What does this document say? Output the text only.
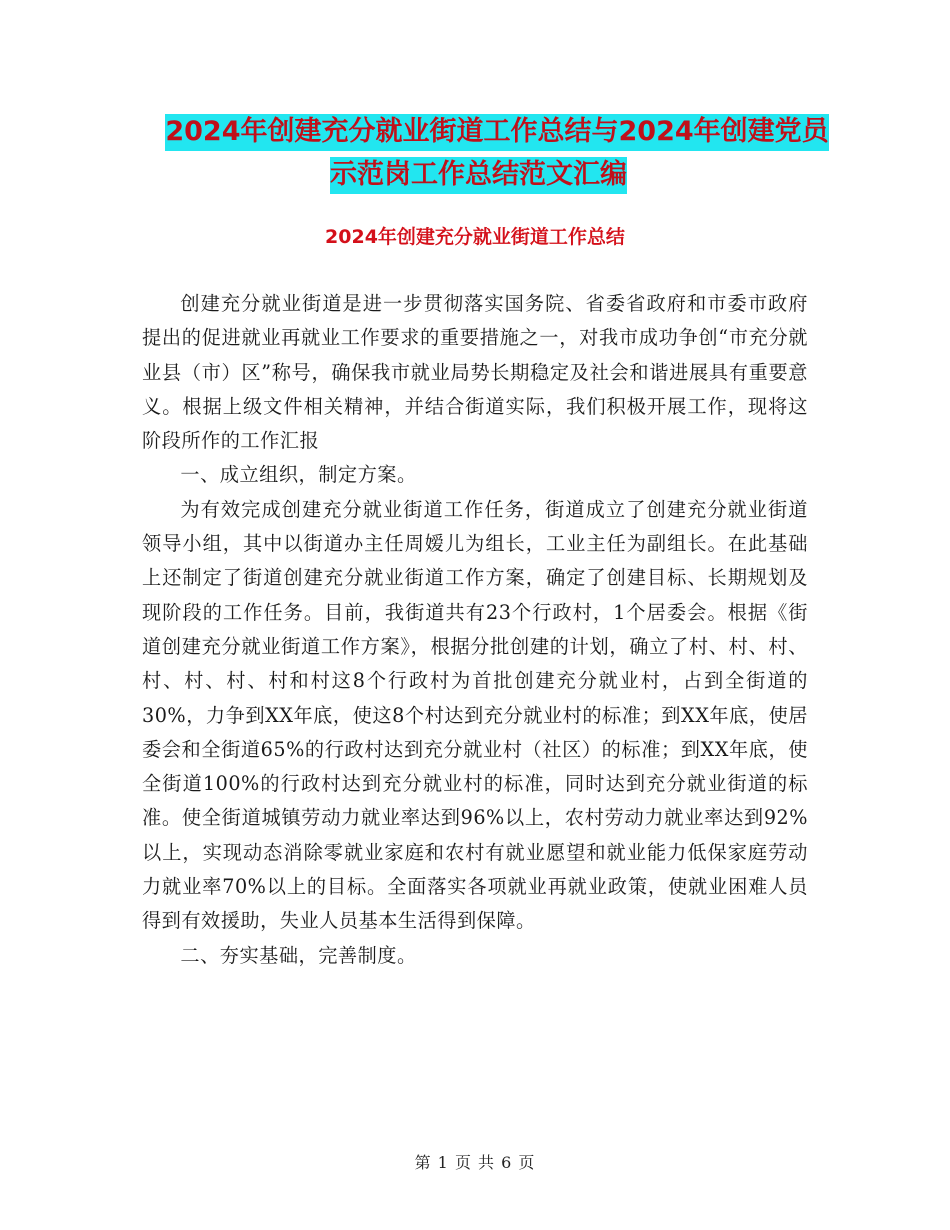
2024年创建充分就业街道工作总结与2024年创建党员
示范岗工作总结范文汇编
2024年创建充分就业街道工作总结

创建充分就业街道是进一步贯彻落实国务院、省委省政府和市委市政府提出的促进就业再就业工作要求的重要措施之一，对我市成功争创“市充分就业县（市）区”称号，确保我市就业局势长期稳定及社会和谐进展具有重要意义。根据上级文件相关精神，并结合街道实际，我们积极开展工作，现将这阶段所作的工作汇报

一、成立组织，制定方案。

为有效完成创建充分就业街道工作任务，街道成立了创建充分就业街道领导小组，其中以街道办主任周嫒儿为组长，工业主任为副组长。在此基础上还制定了街道创建充分就业街道工作方案，确定了创建目标、长期规划及现阶段的工作任务。目前，我街道共有23个行政村，1个居委会。根据《街道创建充分就业街道工作方案》，根据分批创建的计划，确立了村、村、村、村、村、村、村和村这8个行政村为首批创建充分就业村，占到全街道的30%，力争到XX年底，使这8个村达到充分就业村的标准；到XX年底，使居委会和全街道65%的行政村达到充分就业村（社区）的标准；到XX年底，使全街道100%的行政村达到充分就业村的标准，同时达到充分就业街道的标准。使全街道城镇劳动力就业率达到96%以上，农村劳动力就业率达到92%以上，实现动态消除零就业家庭和农村有就业愿望和就业能力低保家庭劳动力就业率70%以上的目标。全面落实各项就业再就业政策，使就业困难人员得到有效援助，失业人员基本生活得到保障。

二、夯实基础，完善制度。

第 1 页 共 6 页
